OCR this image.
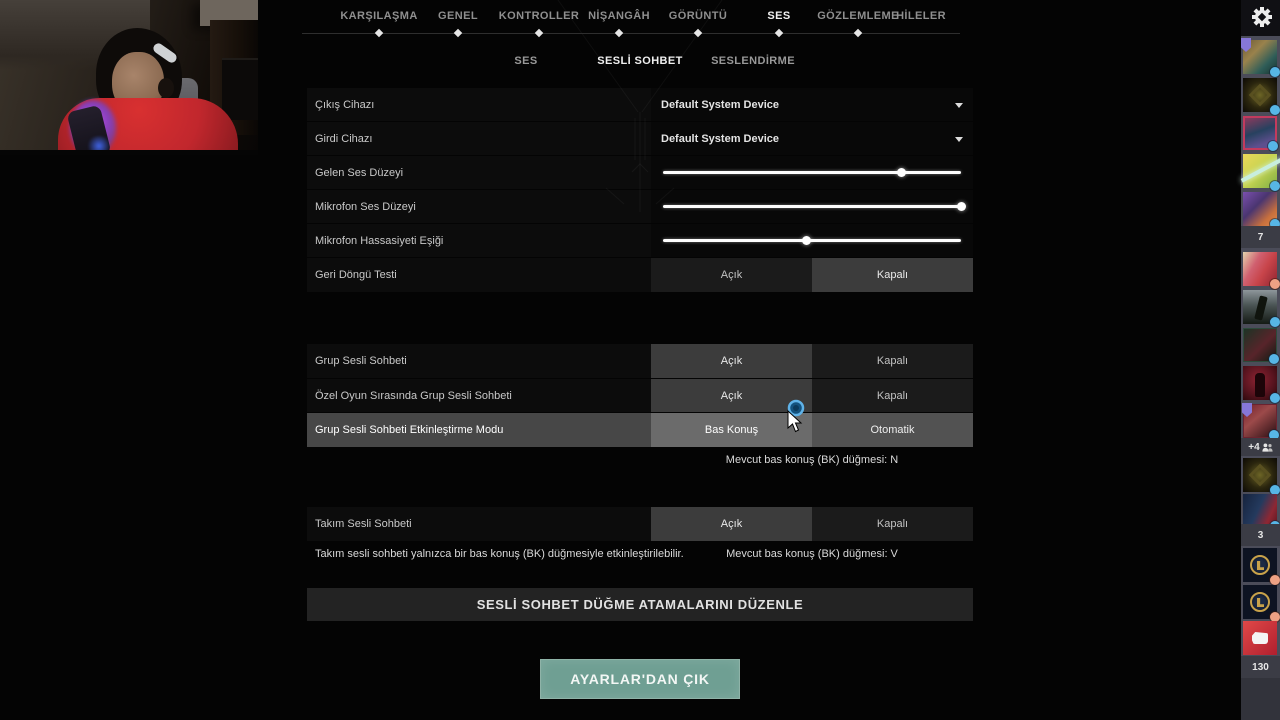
KARŞILAŞMA GENEL KONTROLLER NİŞANGÂH GÖRÜNTÜ	SES GÖZLEMLEME
HİLELER
SES	SESLİ SOHBET	SESLENDİRME
Çıkış Cihazı	Default System Device
Girdi Cihazı	Default System Device
Gelen Ses Düzeyi
Mikrofon Ses Düzeyi
Mikrofon Hassasiyeti Eşiği
Geri Döngü Testi	Açık	Kapalı
Grup Sesli Sohbeti	Açık	Kapalı
Özel Oyun Sırasında Grup Sesli Sohbeti	Açık	Kapalı
Grup Sesli Sohbeti Etkinleştirme Modu	Bas Konuş	Otomatik
Mevcut bas konuş (BK) düğmesi: N
Takım Sesli Sohbeti	Açık	Kapalı
Takım sesli sohbeti yalnızca bir bas konuş (BK) düğmesiyle etkinleştirilebilir.	Mevcut bas konuş (BK) düğmesi: V
SESLİ SOHBET DÜĞME ATAMALARINI DÜZENLE
AYARLAR'DAN ÇIK
7
+4
3
130
